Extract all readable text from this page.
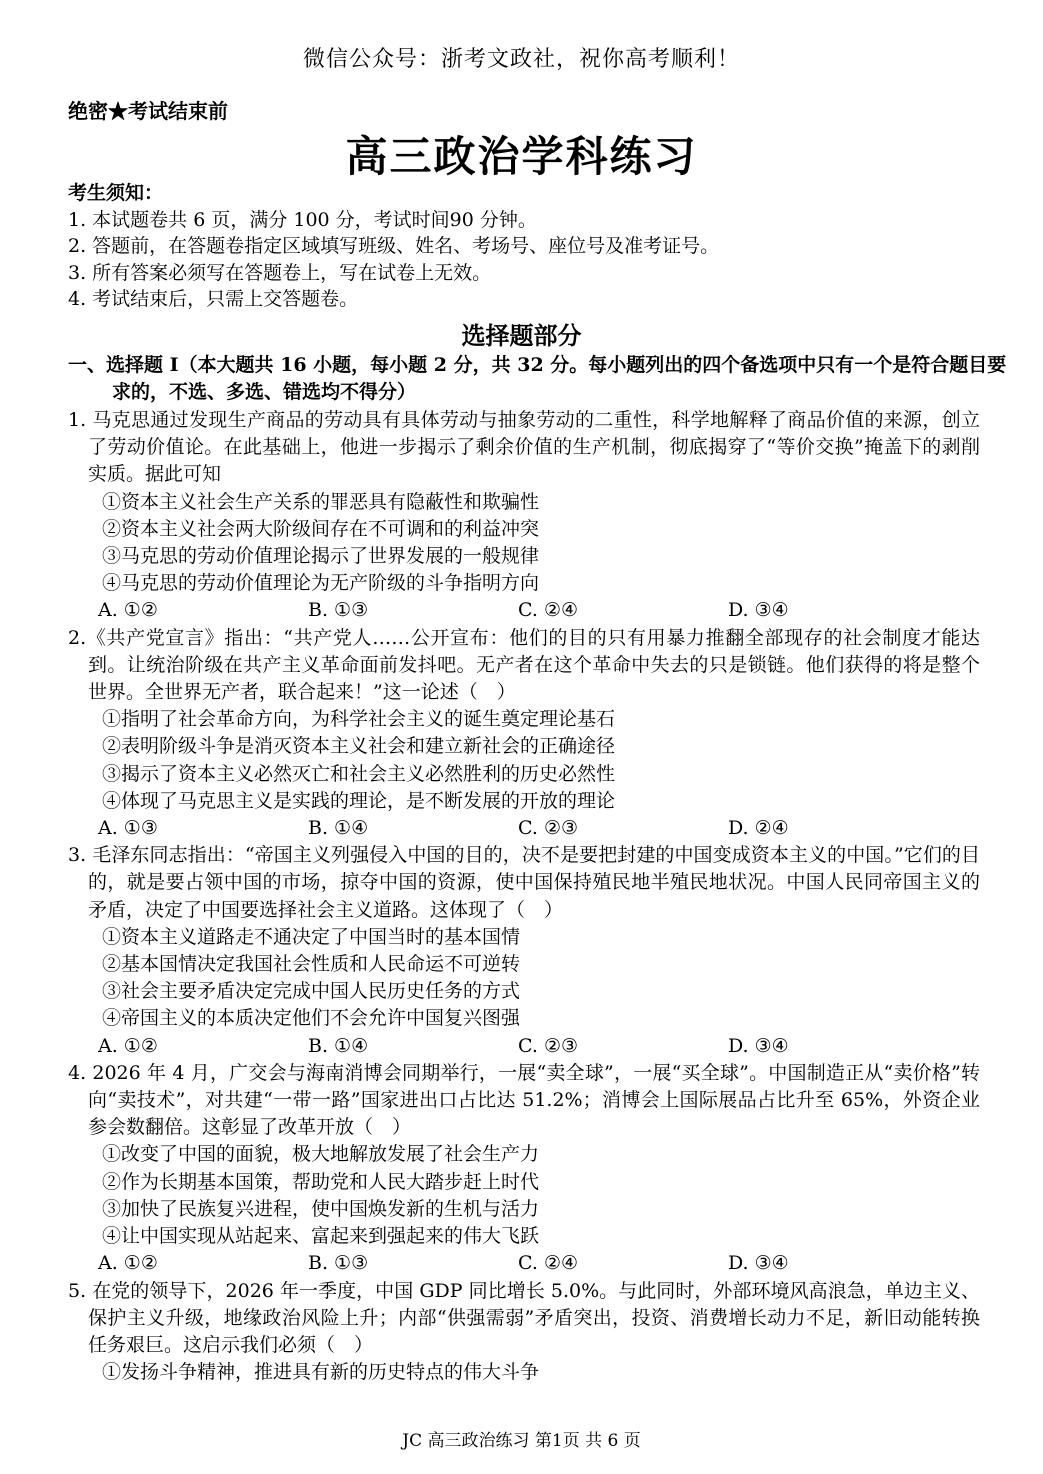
微信公众号：浙考文政社，祝你高考顺利！
绝密★考试结束前
高三政治学科练习
考生须知：
1. 本试题卷共 6 页，满分 100 分，考试时间90 分钟。
2. 答题前，在答题卷指定区域填写班级、姓名、考场号、座位号及准考证号。
3. 所有答案必须写在答题卷上，写在试卷上无效。
4. 考试结束后，只需上交答题卷。
选择题部分
一、选择题 I（本大题共 16 小题，每小题 2 分，共 32 分。每小题列出的四个备选项中只有一个是符合题目要求的，不选、多选、错选均不得分）
1. 马克思通过发现生产商品的劳动具有具体劳动与抽象劳动的二重性，科学地解释了商品价值的来源，创立了劳动价值论。在此基础上，他进一步揭示了剩余价值的生产机制，彻底揭穿了“等价交换”掩盖下的剥削实质。据此可知
①资本主义社会生产关系的罪恶具有隐蔽性和欺骗性
②资本主义社会两大阶级间存在不可调和的利益冲突
③马克思的劳动价值理论揭示了世界发展的一般规律
④马克思的劳动价值理论为无产阶级的斗争指明方向
A. ①②	B. ①③	C. ②④	D. ③④
2.《共产党宣言》指出：“共产党人……公开宣布：他们的目的只有用暴力推翻全部现存的社会制度才能达到。让统治阶级在共产主义革命面前发抖吧。无产者在这个革命中失去的只是锁链。他们获得的将是整个世界。全世界无产者，联合起来！”这一论述（　）
①指明了社会革命方向，为科学社会主义的诞生奠定理论基石
②表明阶级斗争是消灭资本主义社会和建立新社会的正确途径
③揭示了资本主义必然灭亡和社会主义必然胜利的历史必然性
④体现了马克思主义是实践的理论，是不断发展的开放的理论
A. ①③	B. ①④	C. ②③	D. ②④
3. 毛泽东同志指出：“帝国主义列强侵入中国的目的，决不是要把封建的中国变成资本主义的中国。”它们的目的，就是要占领中国的市场，掠夺中国的资源，使中国保持殖民地半殖民地状况。中国人民同帝国主义的矛盾，决定了中国要选择社会主义道路。这体现了（　）
①资本主义道路走不通决定了中国当时的基本国情
②基本国情决定我国社会性质和人民命运不可逆转
③社会主要矛盾决定完成中国人民历史任务的方式
④帝国主义的本质决定他们不会允许中国复兴图强
A. ①②	B. ①④	C. ②③	D. ③④
4. 2026 年 4 月，广交会与海南消博会同期举行，一展“卖全球”，一展“买全球”。中国制造正从“卖价格”转向“卖技术”，对共建“一带一路”国家进出口占比达 51.2%；消博会上国际展品占比升至 65%，外资企业参会数翻倍。这彰显了改革开放（　）
①改变了中国的面貌，极大地解放发展了社会生产力
②作为长期基本国策，帮助党和人民大踏步赶上时代
③加快了民族复兴进程，使中国焕发新的生机与活力
④让中国实现从站起来、富起来到强起来的伟大飞跃
A. ①②	B. ①③	C. ②④	D. ③④
5. 在党的领导下，2026 年一季度，中国 GDP 同比增长 5.0%。与此同时，外部环境风高浪急，单边主义、保护主义升级，地缘政治风险上升；内部“供强需弱”矛盾突出，投资、消费增长动力不足，新旧动能转换任务艰巨。这启示我们必须（　）
①发扬斗争精神，推进具有新的历史特点的伟大斗争
JC 高三政治练习 第1页 共 6 页
